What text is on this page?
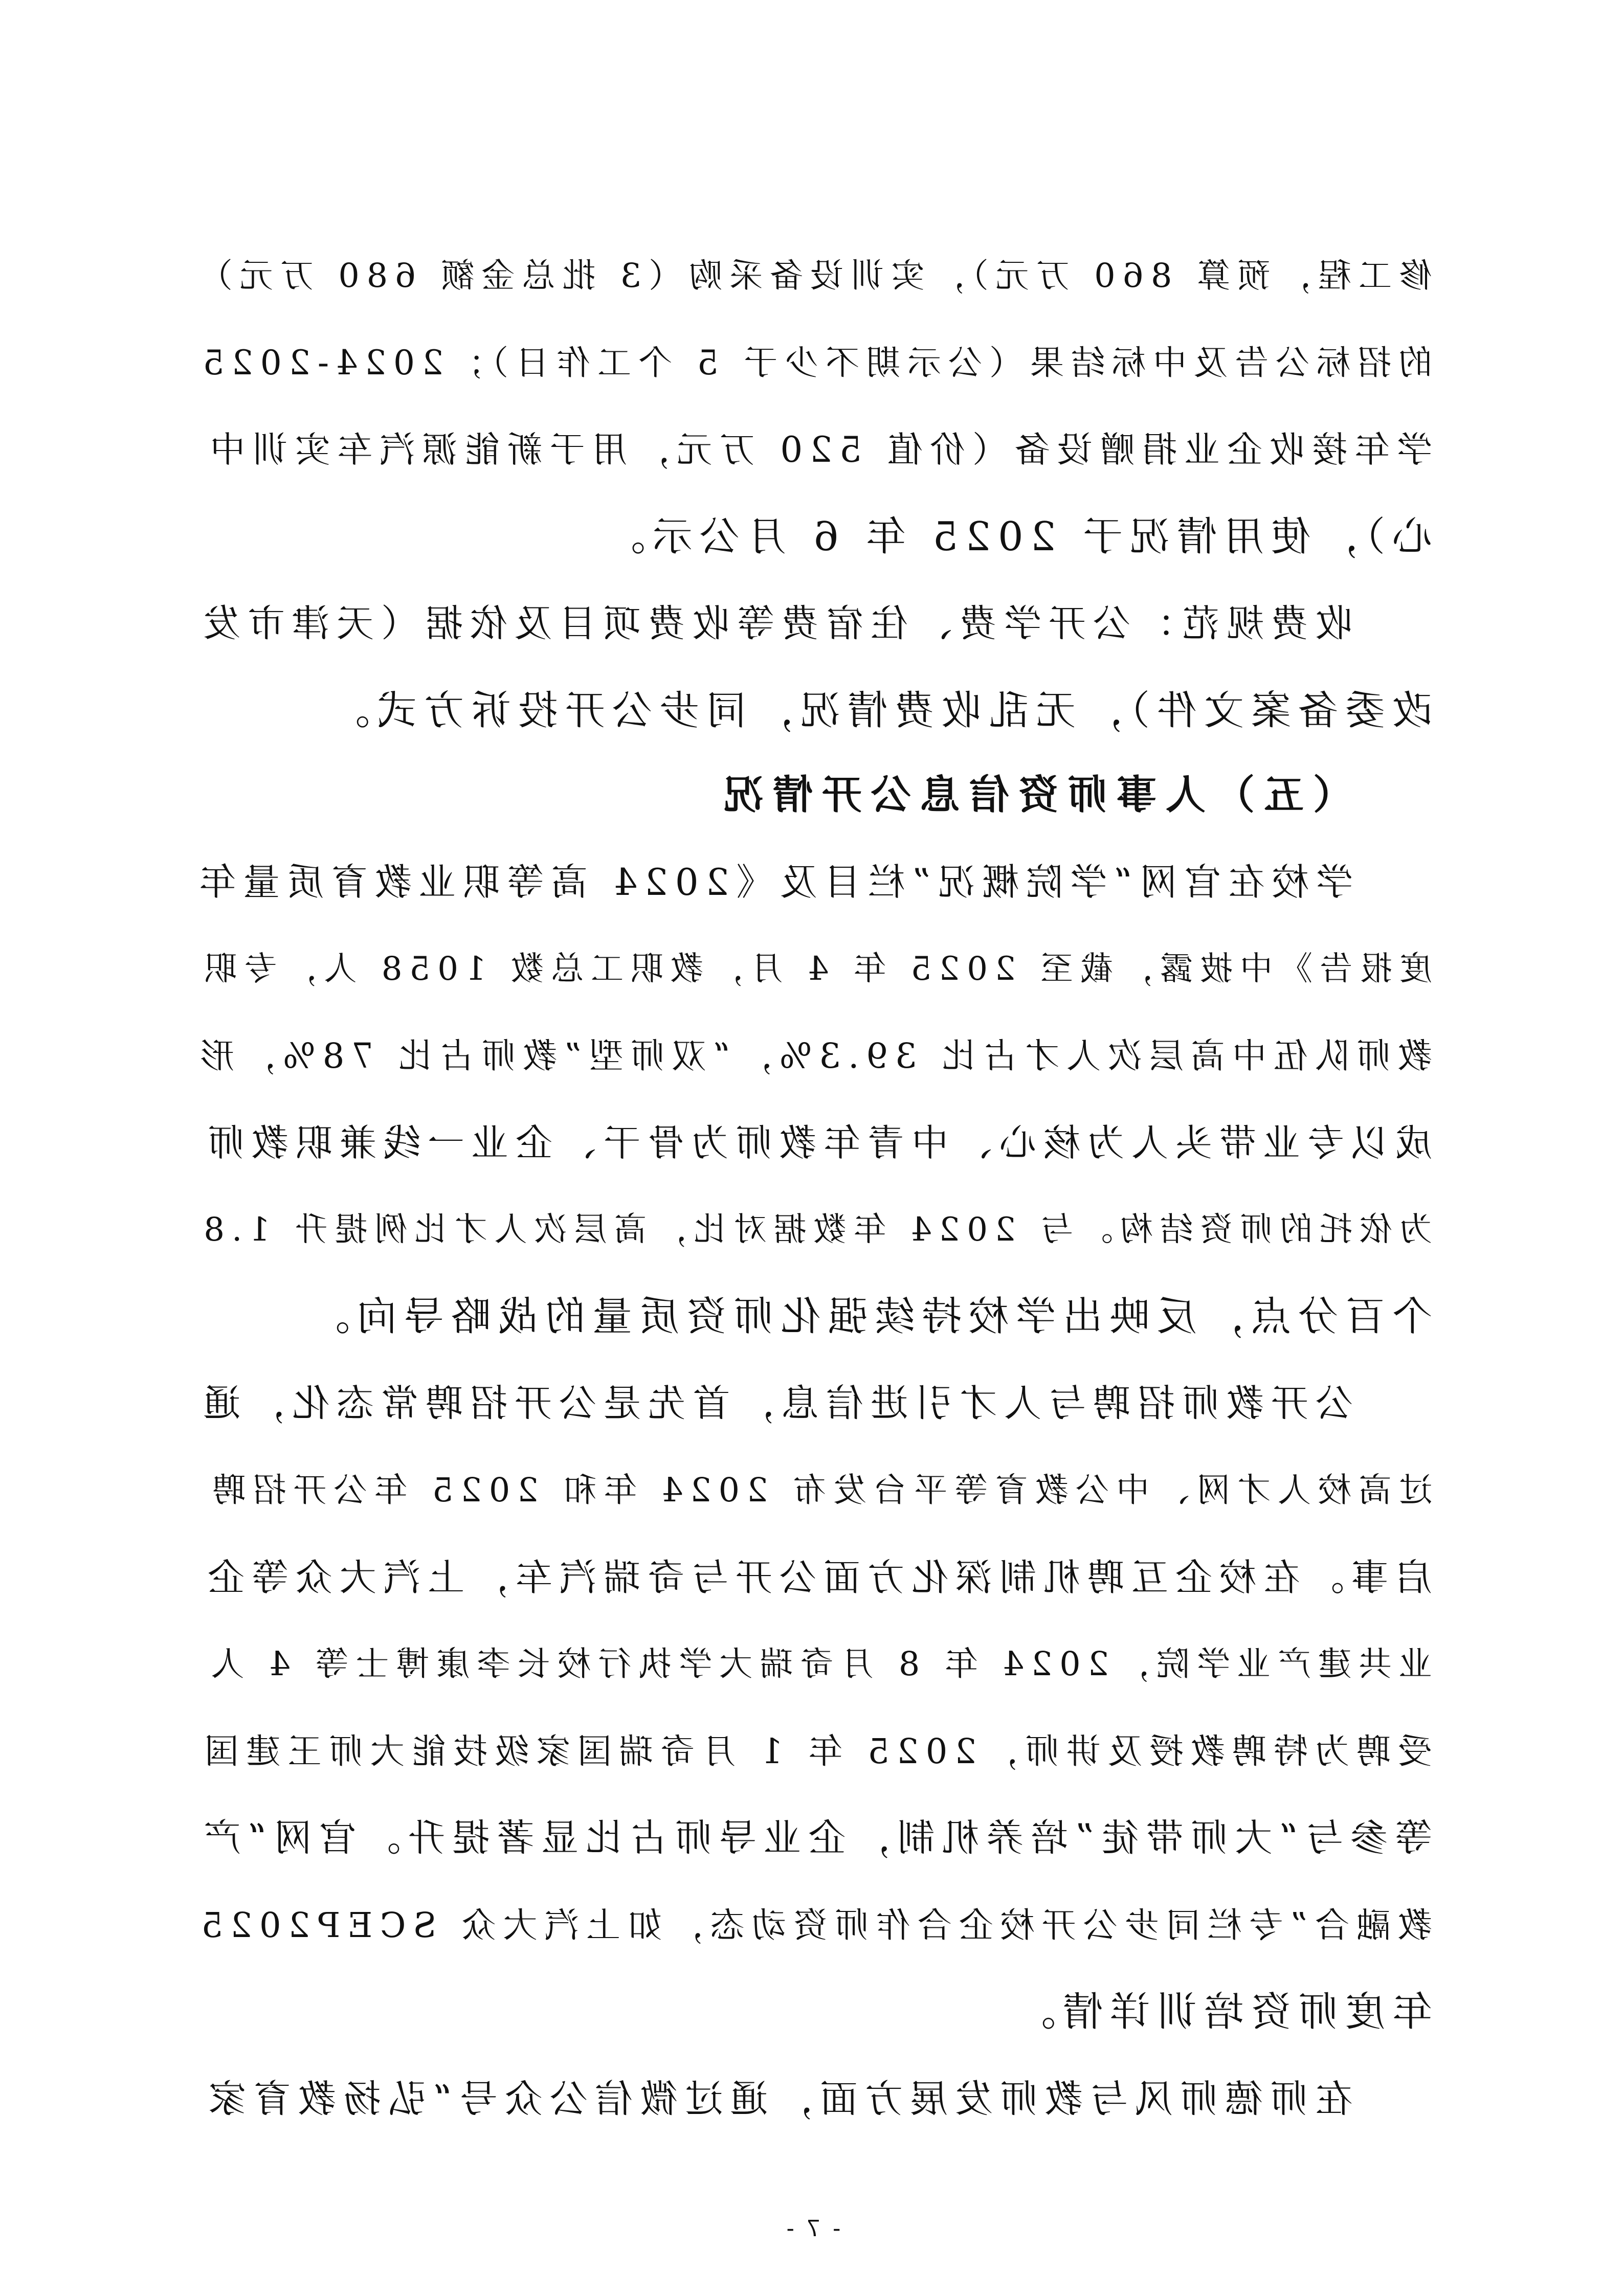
修工程，预算 860 万元），实训设备采购（3 批总金额 680 万元）
的招标公告及中标结果（公示期不少于 5 个工作日）；2024-2025
学年接收企业捐赠设备（价值 520 万元，用于新能源汽车实训中
心），使用情况于 2025 年 6 月公示。
收费规范：公开学费、住宿费等收费项目及依据（天津市发
改委备案文件），无乱收费情况，同步公开投诉方式。
（五）人事师资信息公开情况
学校在官网“学院概况”栏目及《2024 高等职业教育质量年
度报告》中披露，截至 2025 年 4 月，教职工总数 1058 人，专职
教师队伍中高层次人才占比 39.3%，“双师型”教师占比 78%，形
成以专业带头人为核心、中青年教师为骨干、企业一线兼职教师
为依托的师资结构。与 2024 年数据对比，高层次人才比例提升 1.8
个百分点，反映出学校持续强化师资质量的战略导向。
公开教师招聘与人才引进信息，首先是公开招聘常态化，通
过高校人才网、中公教育等平台发布 2024 年和 2025 年公开招聘
启事。在校企互聘机制深化方面公开与奇瑞汽车，上汽大众等企
业共建产业学院，2024 年 8 月奇瑞大学执行校长李康博士等 4 人
受聘为特聘教授及讲师，2025 年 1 月奇瑞国家级技能大师王建国
等参与“大师带徒”培养机制，企业导师占比显著提升。官网“产
教融合”专栏同步公开校企合作师资动态，如上汽大众 SCEP2025
年度师资培训详情。
在师德师风与教师发展方面，通过微信公众号“弘扬教育家
- 7 -
